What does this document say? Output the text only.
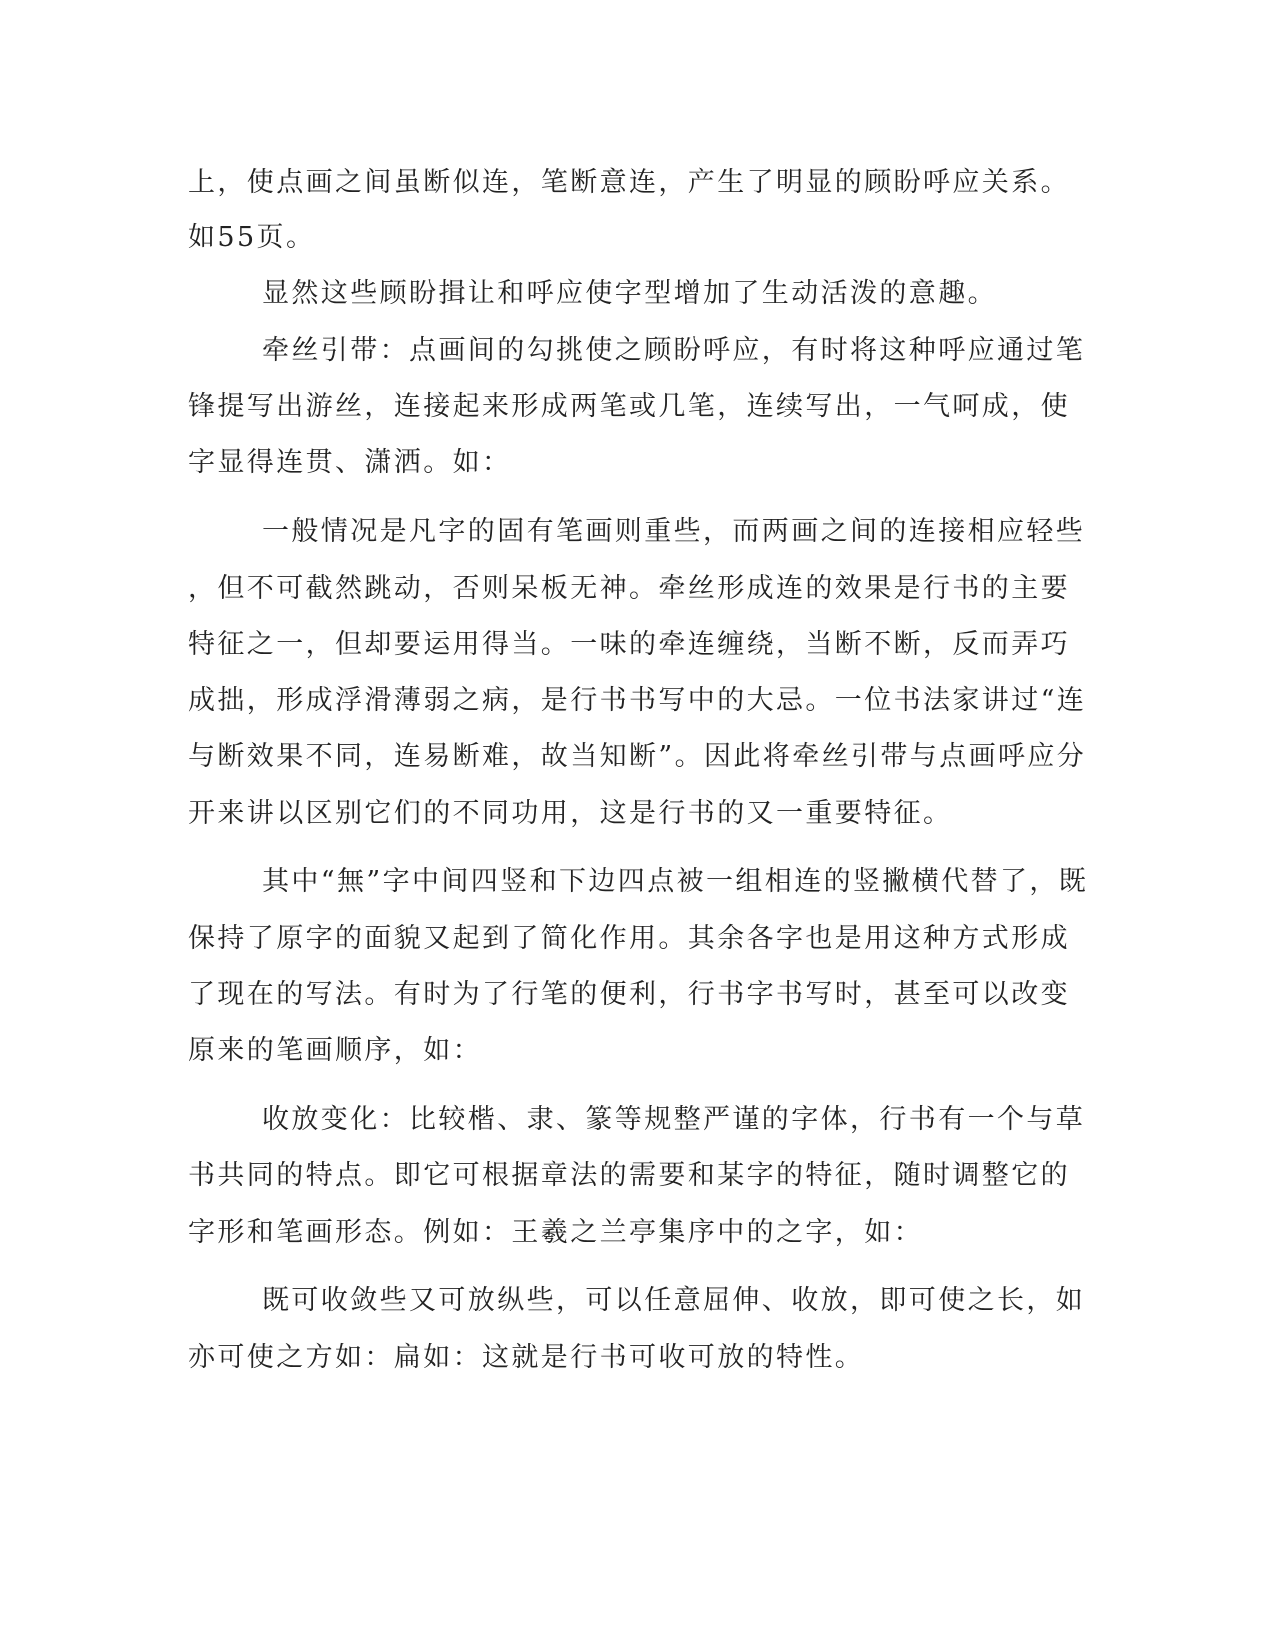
上，使点画之间虽断似连，笔断意连，产生了明显的顾盼呼应关系。
如55页。
显然这些顾盼揖让和呼应使字型增加了生动活泼的意趣。
牵丝引带：点画间的勾挑使之顾盼呼应，有时将这种呼应通过笔
锋提写出游丝，连接起来形成两笔或几笔，连续写出，一气呵成，使
字显得连贯、潇洒。如：
一般情况是凡字的固有笔画则重些，而两画之间的连接相应轻些
，但不可截然跳动，否则呆板无神。牵丝形成连的效果是行书的主要
特征之一，但却要运用得当。一味的牵连缠绕，当断不断，反而弄巧
成拙，形成浮滑薄弱之病，是行书书写中的大忌。一位书法家讲过“连
与断效果不同，连易断难，故当知断”。因此将牵丝引带与点画呼应分
开来讲以区别它们的不同功用，这是行书的又一重要特征。
其中“無”字中间四竖和下边四点被一组相连的竖撇横代替了，既
保持了原字的面貌又起到了简化作用。其余各字也是用这种方式形成
了现在的写法。有时为了行笔的便利，行书字书写时，甚至可以改变
原来的笔画顺序，如：
收放变化：比较楷、隶、篆等规整严谨的字体，行书有一个与草
书共同的特点。即它可根据章法的需要和某字的特征，随时调整它的
字形和笔画形态。例如：王羲之兰亭集序中的之字，如：
既可收敛些又可放纵些，可以任意屈伸、收放，即可使之长，如
亦可使之方如：扁如：这就是行书可收可放的特性。
